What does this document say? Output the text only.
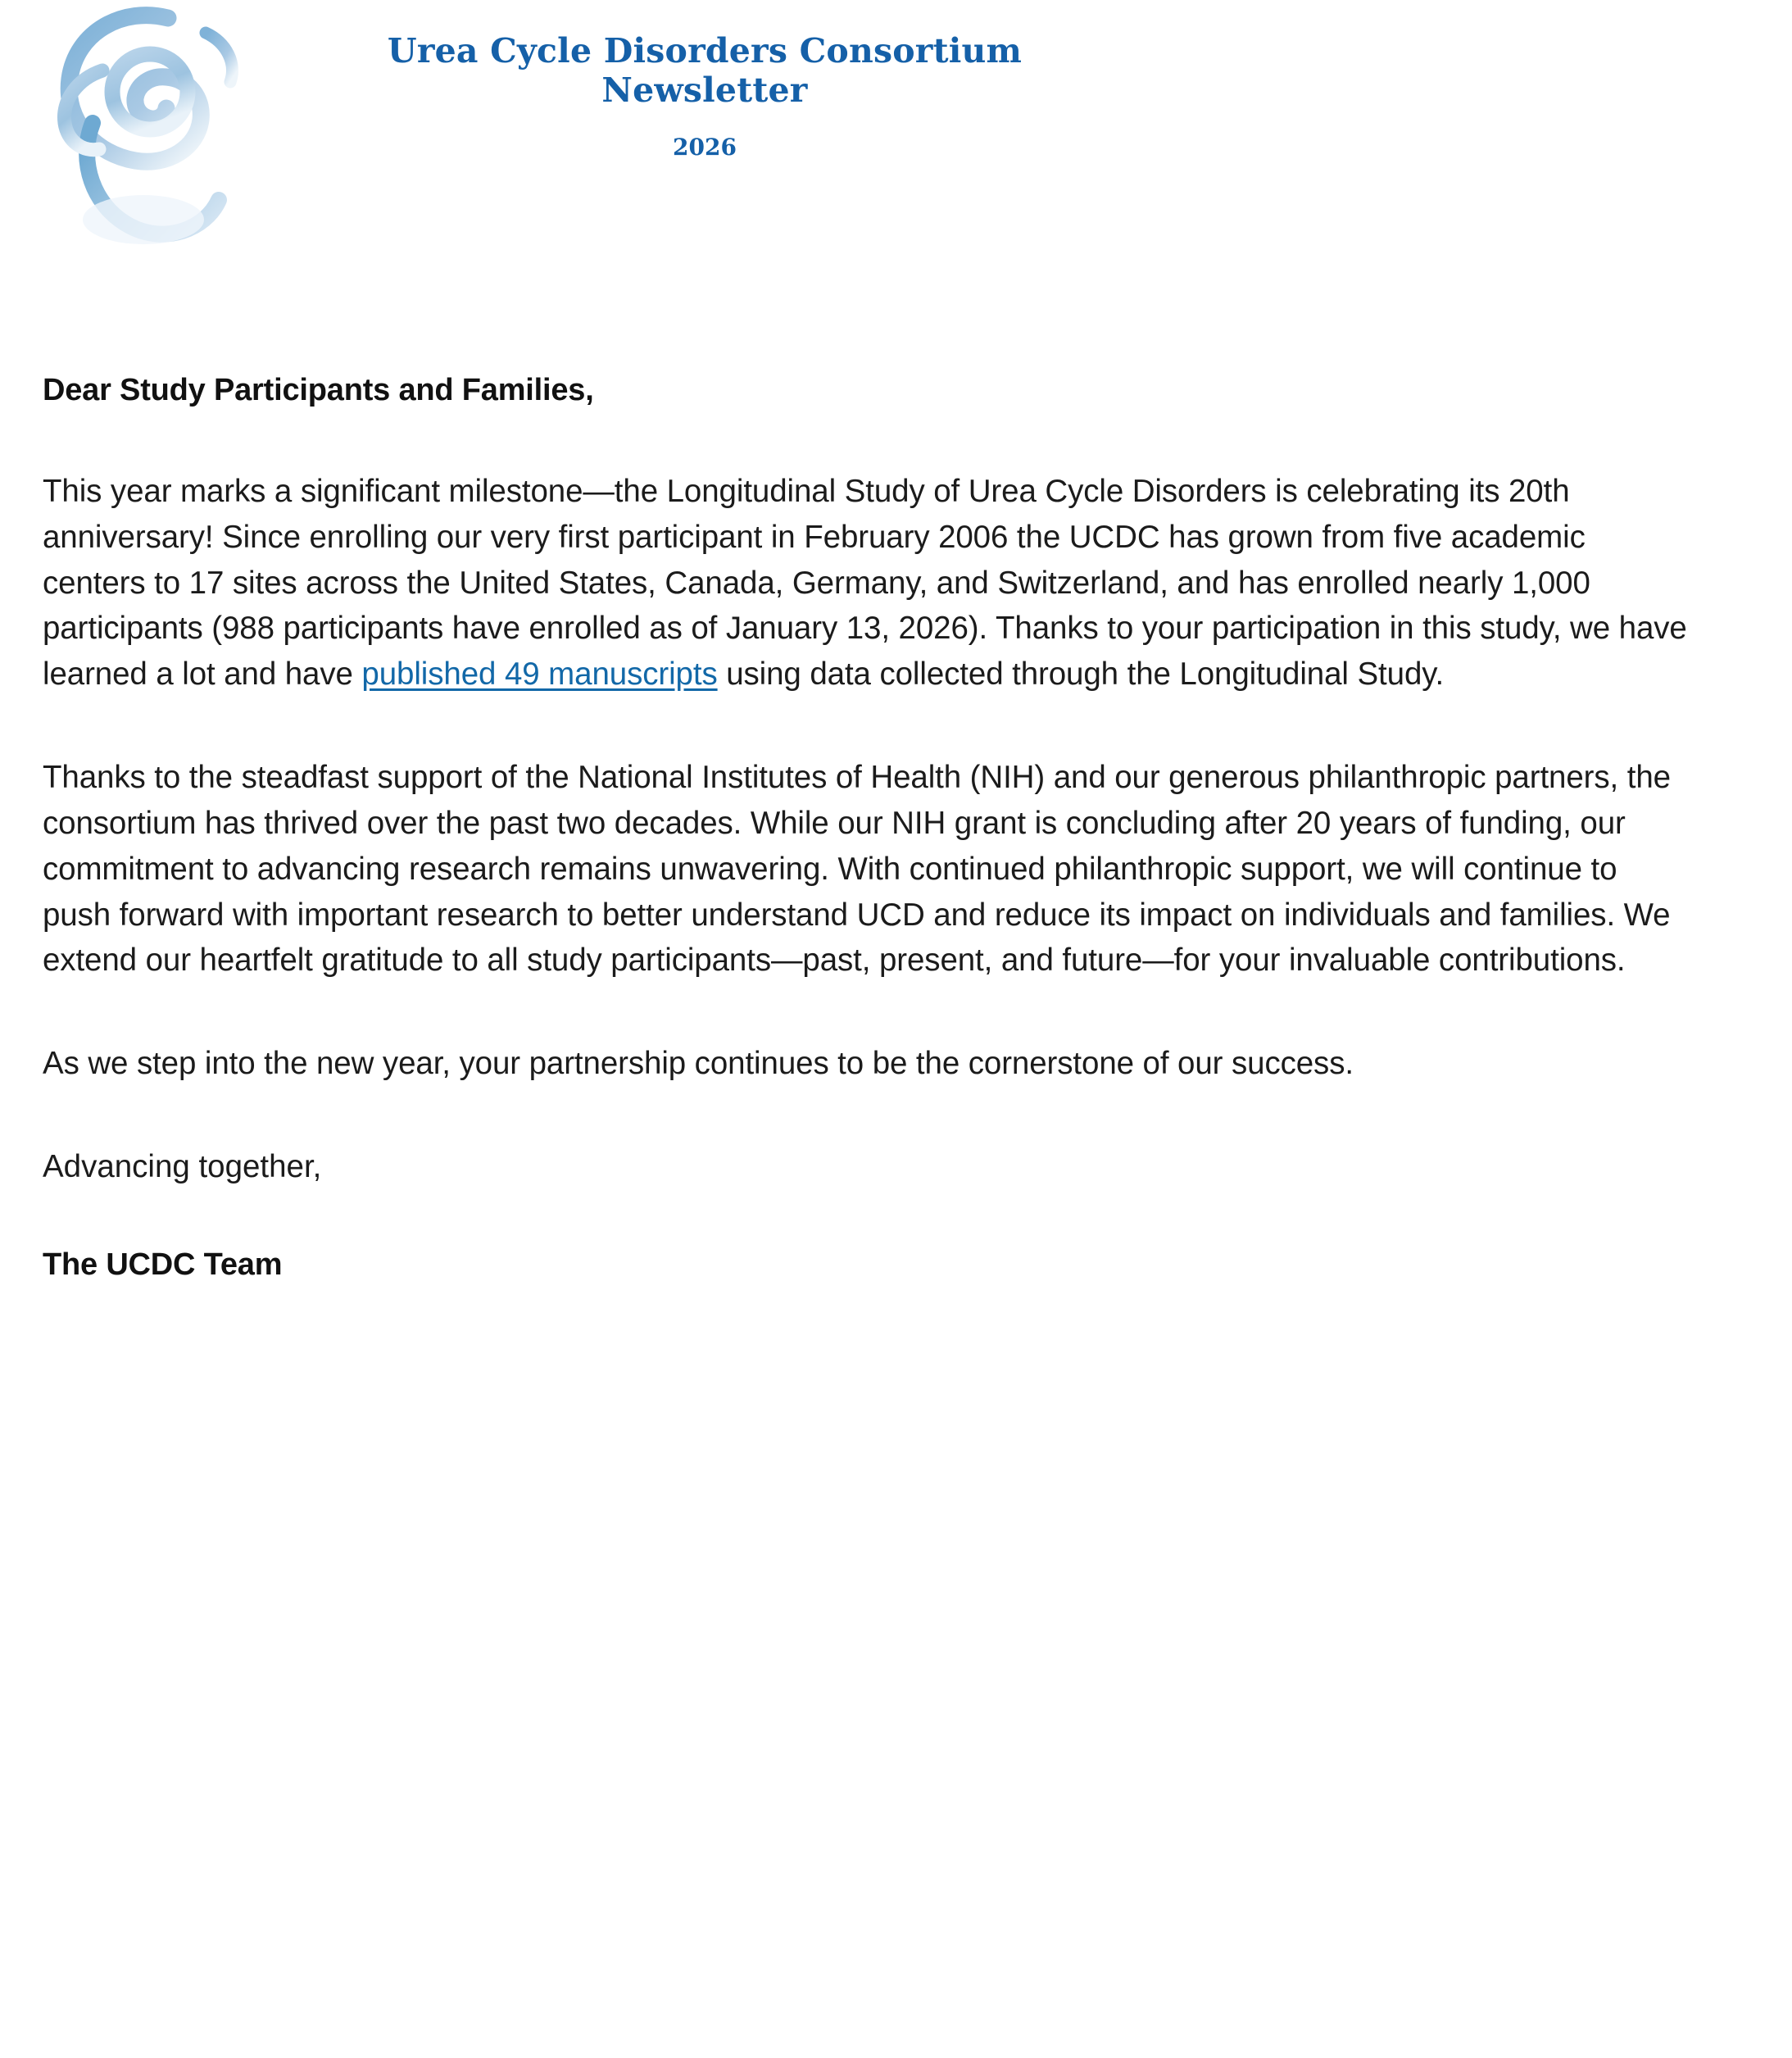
Urea Cycle Disorders Consortium
Newsletter
2026
Dear Study Participants and Families,

This year marks a significant milestone—the Longitudinal Study of Urea Cycle Disorders is celebrating its 20th anniversary! Since enrolling our very first participant in February 2006 the UCDC has grown from five academic centers to 17 sites across the United States, Canada, Germany, and Switzerland, and has enrolled nearly 1,000 participants (988 participants have enrolled as of January 13, 2026). Thanks to your participation in this study, we have learned a lot and have published 49 manuscripts using data collected through the Longitudinal Study.

Thanks to the steadfast support of the National Institutes of Health (NIH) and our generous philanthropic partners, the consortium has thrived over the past two decades. While our NIH grant is concluding after 20 years of funding, our commitment to advancing research remains unwavering. With continued philanthropic support, we will continue to push forward with important research to better understand UCD and reduce its impact on individuals and families. We extend our heartfelt gratitude to all study participants—past, present, and future—for your invaluable contributions.

As we step into the new year, your partnership continues to be the cornerstone of our success.

Advancing together,
The UCDC Team
